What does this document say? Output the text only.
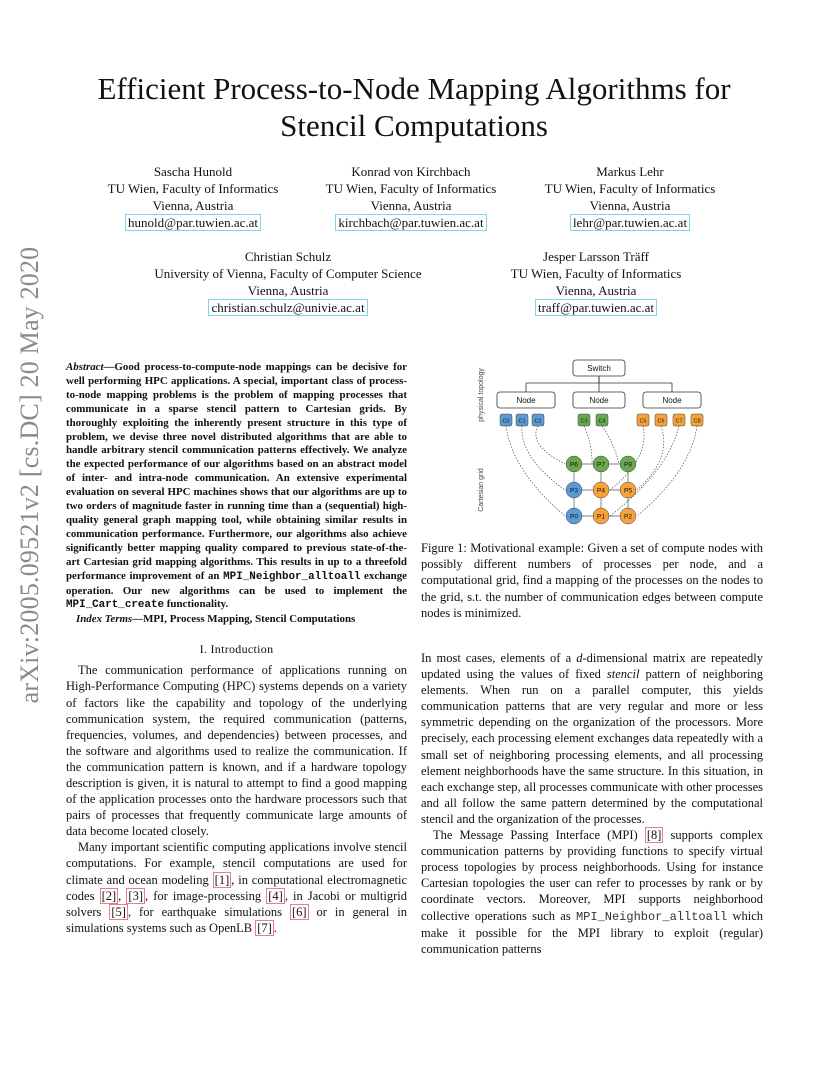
arXiv:2005.09521v2 [cs.DC] 20 May 2020
Efficient Process-to-Node Mapping Algorithms for
Stencil Computations
Sascha Hunold
TU Wien, Faculty of Informatics
Vienna, Austria
hunold@par.tuwien.ac.at
Konrad von Kirchbach
TU Wien, Faculty of Informatics
Vienna, Austria
kirchbach@par.tuwien.ac.at
Markus Lehr
TU Wien, Faculty of Informatics
Vienna, Austria
lehr@par.tuwien.ac.at
Christian Schulz
University of Vienna, Faculty of Computer Science
Vienna, Austria
christian.schulz@univie.ac.at
Jesper Larsson Träff
TU Wien, Faculty of Informatics
Vienna, Austria
traff@par.tuwien.ac.at

Abstract—Good process-to-compute-node mappings can be decisive for well performing HPC applications. A special, important class of process-to-node mapping problems is the problem of mapping processes that communicate in a sparse stencil pattern to Cartesian grids. By thoroughly exploiting the inherently present structure in this type of problem, we devise three novel distributed algorithms that are able to handle arbitrary stencil communication patterns effectively. We analyze the expected performance of our algorithms based on an abstract model of inter- and intra-node communication. An extensive experimental evaluation on several HPC machines shows that our algorithms are up to two orders of magnitude faster in running time than a (sequential) high-quality general graph mapping tool, while obtaining similar results in communication performance. Furthermore, our algorithms also achieve significantly better mapping quality compared to previous state-of-the-art Cartesian grid mapping algorithms. This results in up to a threefold performance improvement of an MPI_Neighbor_alltoall exchange operation. Our new algorithms can be used to implement the MPI_Cart_create functionality.

Index Terms—MPI, Process Mapping, Stencil Computations

I. Introduction

The communication performance of applications running on High-Performance Computing (HPC) systems depends on a variety of factors like the capability and topology of the underlying communication system, the required communication (patterns, frequencies, volumes, and dependencies) between processes, and the software and algorithms used to realize the communication. If the communication pattern is known, and if a hardware topology description is given, it is natural to attempt to find a good mapping of the application processes onto the hardware processors such that pairs of processes that frequently communicate large amounts of data become located closely.

Many important scientific computing applications involve stencil computations. For example, stencil computations are used for climate and ocean modeling [1] , in computational electromagnetic codes [2] , [3] , for image-processing [4] , in Jacobi or multigrid solvers [5] , for earthquake simulations [6] or in general in simulations systems such as OpenLB [7] .

physical topology
Cartesian grid
Switch
Node	Node	Node
C0 C1 C2	C3 C4	C5 C6 C7 C8
P6	P7	P8
P3	P4	P5
P0	P1	P2
Figure 1: Motivational example: Given a set of compute nodes with possibly different numbers of processes per node, and a computational grid, find a mapping of the processes on the nodes to the grid, s.t. the number of communication edges between compute nodes is minimized.

In most cases, elements of a d-dimensional matrix are repeatedly updated using the values of fixed stencil pattern of neighboring elements. When run on a parallel computer, this yields communication patterns that are very regular and more or less symmetric depending on the organization of the processors. More precisely, each processing element exchanges data repeatedly with a small set of neighboring processing elements, and all processing element neighborhoods have the same structure. In this situation, in each exchange step, all processes communicate with other processes and all follow the same pattern determined by the computational stencil and the organization of the processes.

The Message Passing Interface (MPI) [8] supports complex communication patterns by providing functions to specify virtual process topologies by process neighborhoods. Using for instance Cartesian topologies the user can refer to processes by rank or by coordinate vectors. Moreover, MPI supports neighborhood collective operations such as MPI_Neighbor_alltoall which make it possible for the MPI library to exploit (regular) communication patterns
